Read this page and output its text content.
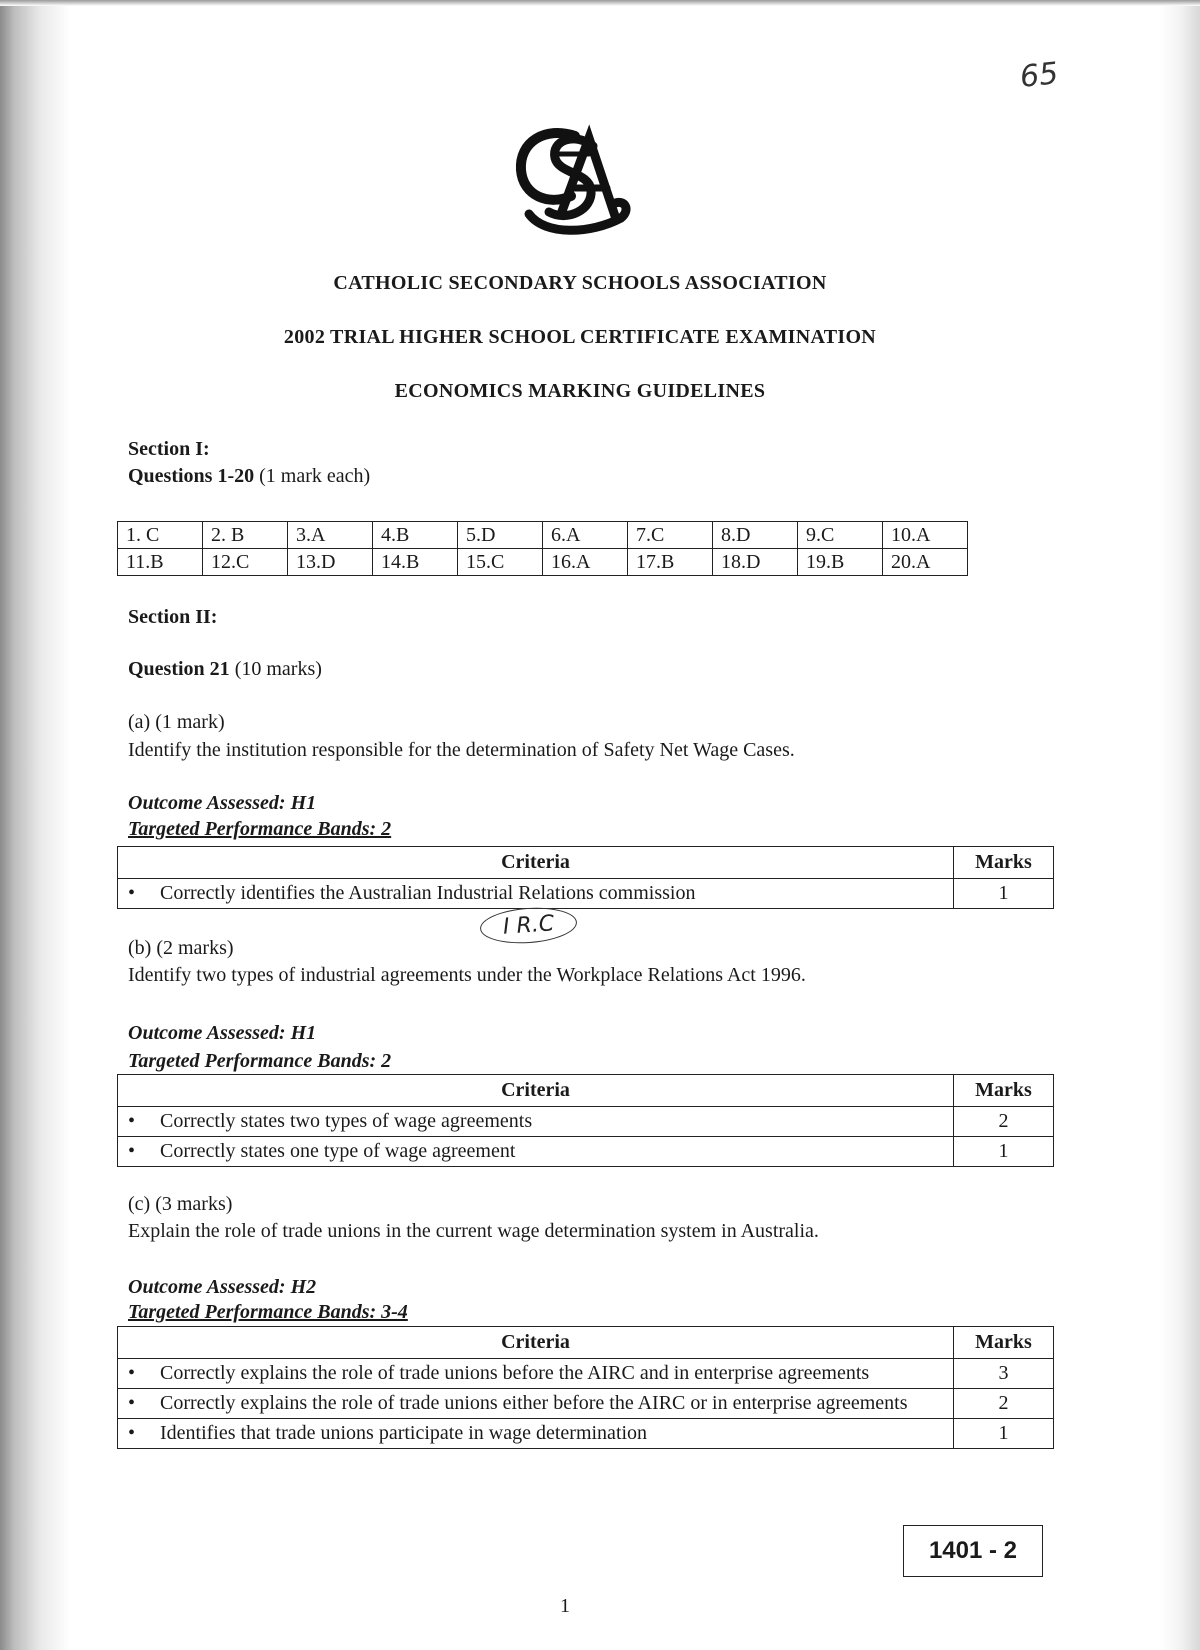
65
CATHOLIC SECONDARY SCHOOLS ASSOCIATION
2002 TRIAL HIGHER SCHOOL CERTIFICATE EXAMINATION
ECONOMICS MARKING GUIDELINES
Section I:
Questions 1-20 (1 mark each)
1. C	2. B	3.A	4.B	5.D	6.A	7.C	8.D	9.C	10.A
11.B	12.C	13.D	14.B	15.C	16.A	17.B	18.D	19.B	20.A
Section II:
Question 21 (10 marks)
(a) (1 mark)
Identify the institution responsible for the determination of Safety Net Wage Cases.
Outcome Assessed: H1
Targeted Performance Bands: 2
Criteria	Marks
• Correctly identifies the Australian Industrial Relations commission	1
I R.C
(b) (2 marks)
Identify two types of industrial agreements under the Workplace Relations Act 1996.
Outcome Assessed: H1
Targeted Performance Bands: 2
Criteria	Marks
• Correctly states two types of wage agreements	2
• Correctly states one type of wage agreement	1
(c) (3 marks)
Explain the role of trade unions in the current wage determination system in Australia.
Outcome Assessed: H2
Targeted Performance Bands: 3-4
Criteria	Marks
• Correctly explains the role of trade unions before the AIRC and in enterprise agreements	3
• Correctly explains the role of trade unions either before the AIRC or in enterprise agreements	2
• Identifies that trade unions participate in wage determination	1
1401 - 2
1
